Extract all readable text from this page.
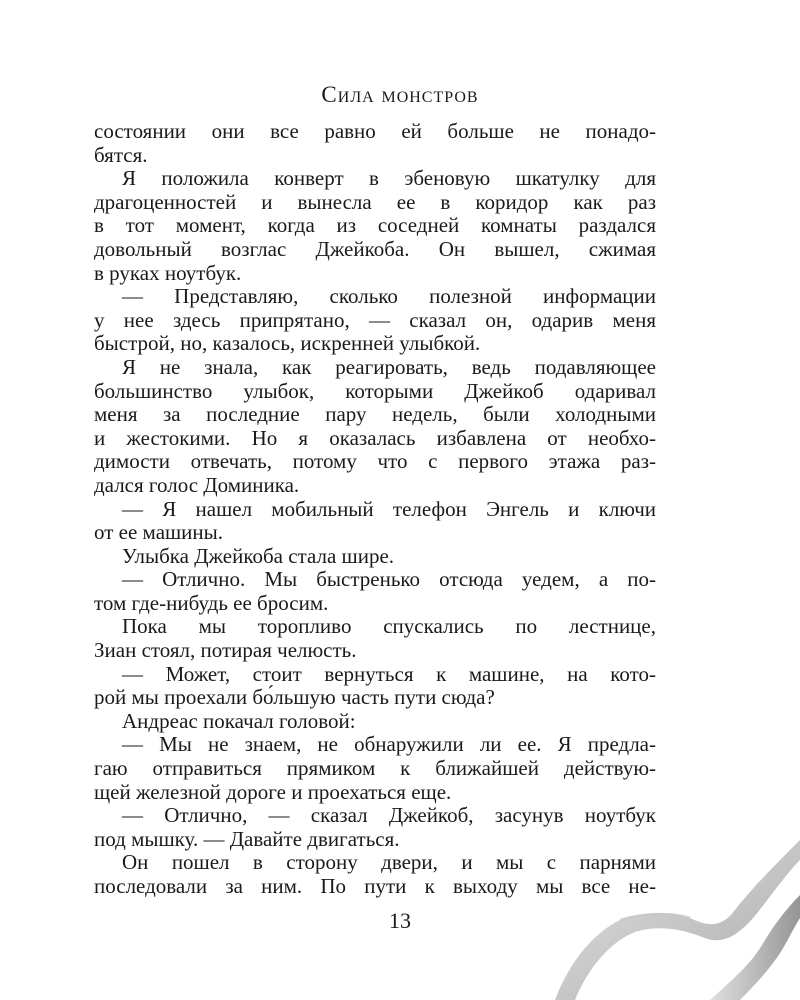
Сила монстров
состоянии они все равно ей больше не понадо-
бятся.
Я положила конверт в эбеновую шкатулку для
драгоценностей и вынесла ее в коридор как раз
в тот момент, когда из соседней комнаты раздался
довольный возглас Джейкоба. Он вышел, сжимая
в руках ноутбук.
— Представляю, сколько полезной информации
у нее здесь припрятано, — сказал он, одарив меня
быстрой, но, казалось, искренней улыбкой.
Я не знала, как реагировать, ведь подавляющее
большинство улыбок, которыми Джейкоб одаривал
меня за последние пару недель, были холодными
и жестокими. Но я оказалась избавлена от необхо-
димости отвечать, потому что с первого этажа раз-
дался голос Доминика.
— Я нашел мобильный телефон Энгель и ключи
от ее машины.
Улыбка Джейкоба стала шире.
— Отлично. Мы быстренько отсюда уедем, а по-
том где-нибудь ее бросим.
Пока мы торопливо спускались по лестнице,
Зиан стоял, потирая челюсть.
— Может, стоит вернуться к машине, на кото-
рой мы проехали бо́льшую часть пути сюда?
Андреас покачал головой:
— Мы не знаем, не обнаружили ли ее. Я предла-
гаю отправиться прямиком к ближайшей действую-
щей железной дороге и проехаться еще.
— Отлично, — сказал Джейкоб, засунув ноутбук
под мышку. — Давайте двигаться.
Он пошел в сторону двери, и мы с парнями
последовали за ним. По пути к выходу мы все не-
13
